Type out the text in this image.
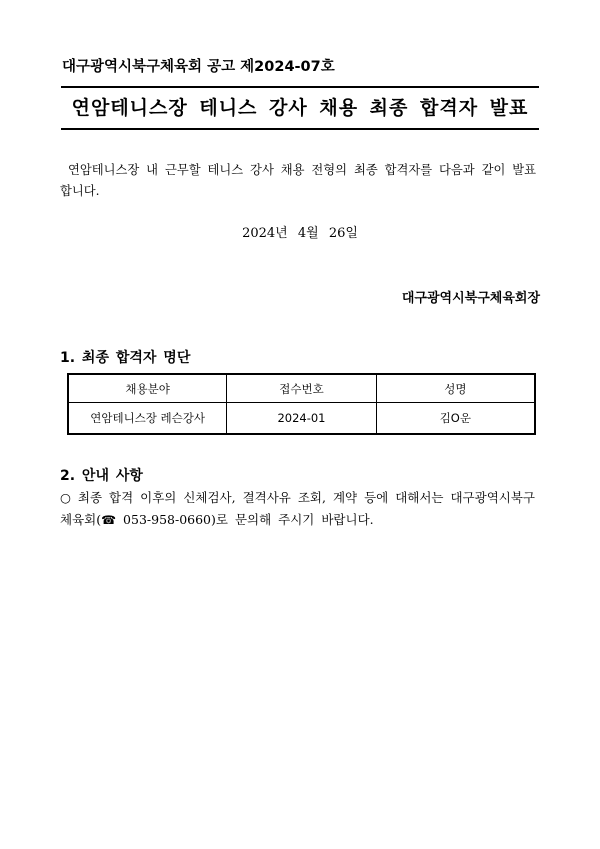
대구광역시북구체육회 공고 제2024-07호
연암테니스장 테니스 강사 채용 최종 합격자 발표
연암테니스장 내 근무할 테니스 강사 채용 전형의 최종 합격자를 다음과 같이 발표합니다.
2024년 4월 26일
대구광역시북구체육회장
1. 최종 합격자 명단
채용분야	접수번호	성명
연암테니스장 레슨강사	2024-01	김O운
2. 안내 사항
○ 최종 합격 이후의 신체검사, 결격사유 조회, 계약 등에 대해서는 대구광역시북구체육회(☎ 053-958-0660)로 문의해 주시기 바랍니다.
